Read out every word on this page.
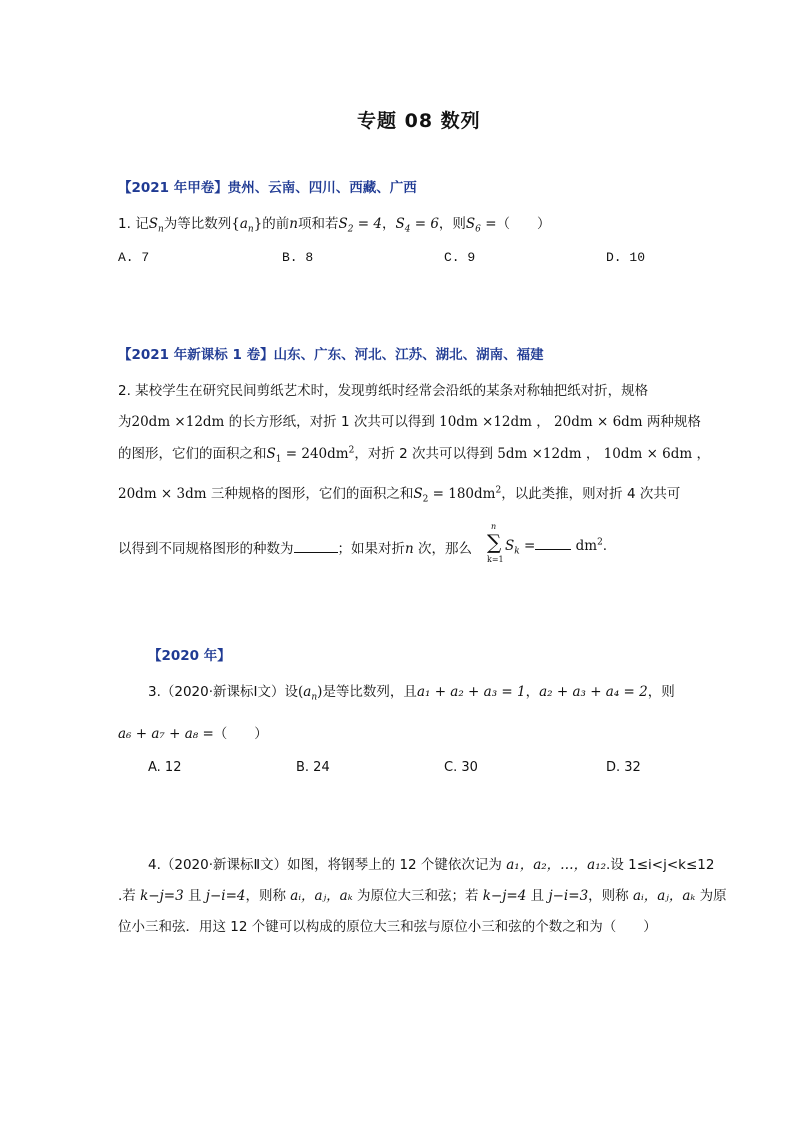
专题 08 数列
【2021 年甲卷】贵州、云南、四川、西藏、广西
1. 记$S_n$为等比数列$\{a_n\}$的前n项和若$S_2 = 4$，$S_4 = 6$，则$S_6$ =（　　）
A. 7	B. 8	C. 9	D. 10
【2021 年新课标 1 卷】山东、广东、河北、江苏、湖北、湖南、福建
2. 某校学生在研究民间剪纸艺术时，发现剪纸时经常会沿纸的某条对称轴把纸对折，规格
为20dm ×12dm 的长方形纸，对折 1 次共可以得到 10dm ×12dm ， 20dm × 6dm 两种规格
的图形，它们的面积之和$S_1 = 240dm^2$，对折 2 次共可以得到 5dm ×12dm ， 10dm × 6dm ，
20dm × 3dm 三种规格的图形，它们的面积之和$S_2 = 180dm^2$，以此类推，则对折 4 次共可
以得到不同规格图形的种数为	；如果对折n 次，那么
n
∑
k=1
$S_k$ =	$dm^2$.
【2020 年】
3.（2020·新课标Ⅰ文）设$(a_n)$是等比数列，且a₁ + a₂ + a₃ = 1，a₂ + a₃ + a₄ = 2，则
a₆ + a₇ + a₈ =（　　）
A. 12	B. 24	C. 30	D. 32
4.（2020·新课标Ⅱ文）如图，将钢琴上的 12 个键依次记为 a₁，a₂，…，a₁₂.设 1≤i<j<k≤12
.若 k−j=3 且 j−i=4，则称 aᵢ，aⱼ，aₖ 为原位大三和弦；若 k−j=4 且 j−i=3，则称 aᵢ，aⱼ，aₖ 为原
位小三和弦．用这 12 个键可以构成的原位大三和弦与原位小三和弦的个数之和为（　　）
